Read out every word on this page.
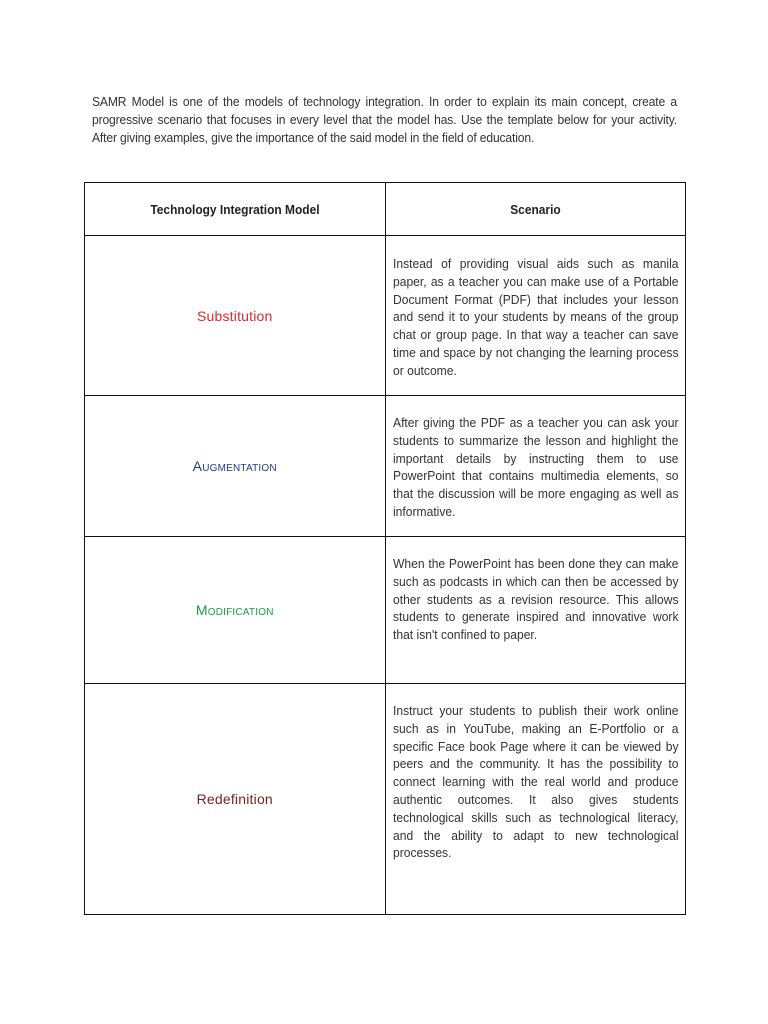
SAMR Model is one of the models of technology integration. In order to explain its main concept, create a progressive scenario that focuses in every level that the model has. Use the template below for your activity. After giving examples, give the importance of the said model in the field of education.
Technology Integration Model	Scenario
Substitution	Instead of providing visual aids such as manila paper, as a teacher you can make use of a Portable Document Format (PDF) that includes your lesson and send it to your students by means of the group chat or group page. In that way a teacher can save time and space by not changing the learning process or outcome.

Augmentation	After giving the PDF as a teacher you can ask your students to summarize the lesson and highlight the important details by instructing them to use PowerPoint that contains multimedia elements, so that the discussion will be more engaging as well as informative.

Modification	When the PowerPoint has been done they can make such as podcasts in which can then be accessed by other students as a revision resource. This allows students to generate inspired and innovative work that isn't confined to paper.

Redefinition	Instruct your students to publish their work online such as in YouTube, making an E-Portfolio or a specific Face book Page where it can be viewed by peers and the community. It has the possibility to connect learning with the real world and produce authentic outcomes. It also gives students technological skills such as technological literacy, and the ability to adapt to new technological processes.
